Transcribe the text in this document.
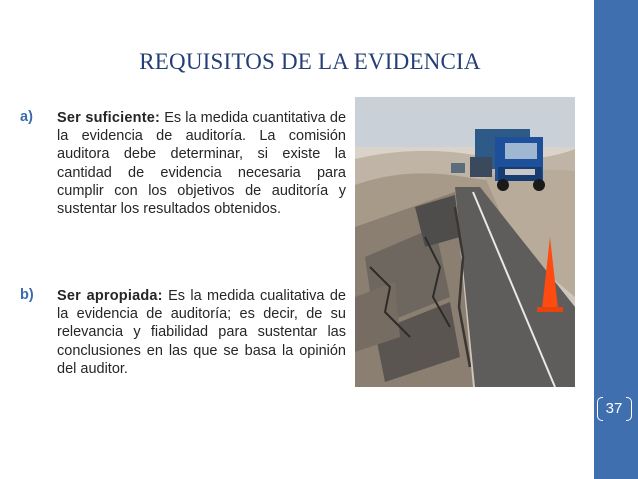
REQUISITOS DE LA EVIDENCIA
a) Ser suficiente: Es la medida cuantitativa de la evidencia de auditoría. La comisión auditora debe determinar, si existe la cantidad de evidencia necesaria para cumplir con los objetivos de auditoría y sustentar los resultados obtenidos.
b) Ser apropiada: Es la medida cualitativa de la evidencia de auditoría; es decir, de su relevancia y fiabilidad para sustentar las conclusiones en las que se basa la opinión del auditor.
37
